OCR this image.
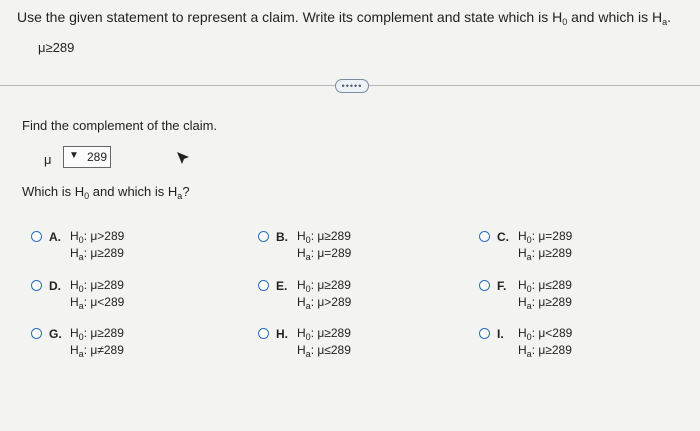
Use the given statement to represent a claim. Write its complement and state which is $H_0$ and which is $H_a$.
μ≥289
•••••
Find the complement of the claim.
μ ▼ 289
Which is $H_0$ and which is $H_a$?
A. $H_0$: μ>289
$H_a$: μ≥289
B. $H_0$: μ≥289
$H_a$: μ=289
C. $H_0$: μ=289
$H_a$: μ≥289
D. $H_0$: μ≥289
$H_a$: μ<289
E. $H_0$: μ≥289
$H_a$: μ>289
F. $H_0$: μ≤289
$H_a$: μ≥289
G. $H_0$: μ≥289
$H_a$: μ≠289
H. $H_0$: μ≥289
$H_a$: μ≤289
I. $H_0$: μ<289
$H_a$: μ≥289
